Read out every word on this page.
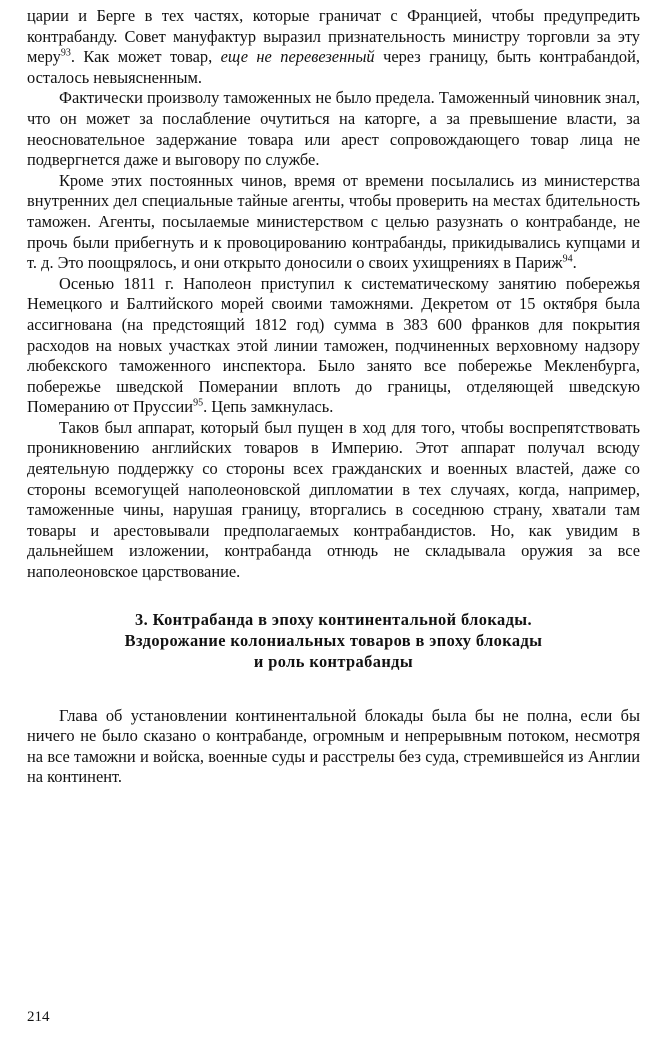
царии и Берге в тех частях, которые граничат с Францией, чтобы предупредить контрабанду. Совет мануфактур выразил признательность министру торговли за эту меру$^{93}$. Как может товар, еще не перевезенный через границу, быть контрабандой, осталось невыясненным.

Фактически произволу таможенных не было предела. Таможенный чиновник знал, что он может за послабление очутиться на каторге, а за превышение власти, за неосновательное задержание товара или арест сопровождающего товар лица не подвергнется даже и выговору по службе.

Кроме этих постоянных чинов, время от времени посылались из министерства внутренних дел специальные тайные агенты, чтобы проверить на местах бдительность таможен. Агенты, посылаемые министерством с целью разузнать о контрабанде, не прочь были прибегнуть и к провоцированию контрабанды, прикидывались купцами и т. д. Это поощрялось, и они открыто доносили о своих ухищрениях в Париж$^{94}$.

Осенью 1811 г. Наполеон приступил к систематическому занятию побережья Немецкого и Балтийского морей своими таможнями. Декретом от 15 октября была ассигнована (на предстоящий 1812 год) сумма в 383 600 франков для покрытия расходов на новых участках этой линии таможен, подчиненных верховному надзору любекского таможенного инспектора. Было занято все побережье Мекленбурга, побережье шведской Померании вплоть до границы, отделяющей шведскую Померанию от Пруссии$^{95}$. Цепь замкнулась.

Таков был аппарат, который был пущен в ход для того, чтобы воспрепятствовать проникновению английских товаров в Империю. Этот аппарат получал всюду деятельную поддержку со стороны всех гражданских и военных властей, даже со стороны всемогущей наполеоновской дипломатии в тех случаях, когда, например, таможенные чины, нарушая границу, вторгались в соседнюю страну, хватали там товары и арестовывали предполагаемых контрабандистов. Но, как увидим в дальнейшем изложении, контрабанда отнюдь не складывала оружия за все наполеоновское царствование.

3. Контрабанда в эпоху континентальной блокады.
Вздорожание колониальных товаров в эпоху блокады
и роль контрабанды

Глава об установлении континентальной блокады была бы не полна, если бы ничего не было сказано о контрабанде, огромным и непрерывным потоком, несмотря на все таможни и войска, военные суды и расстрелы без суда, стремившейся из Англии на континент.

214
